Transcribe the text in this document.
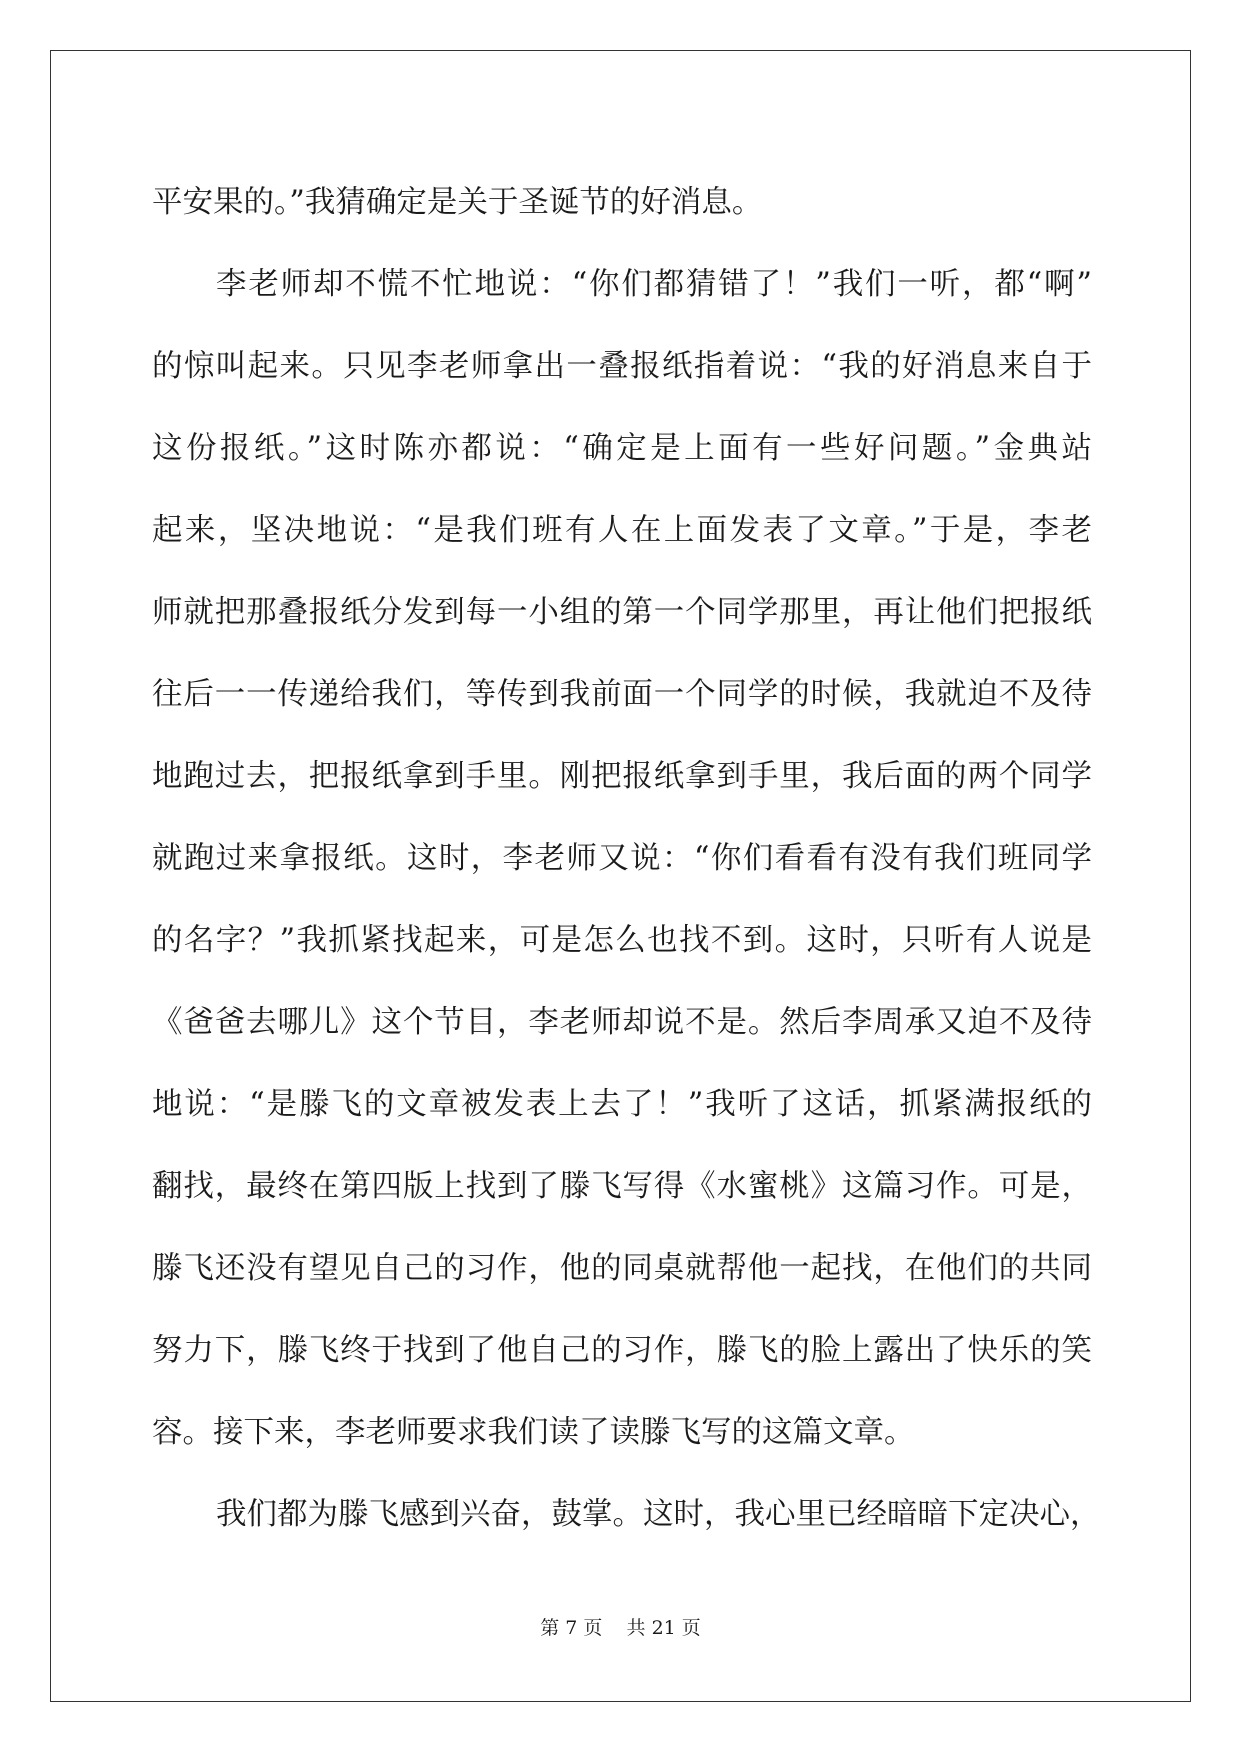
平安果的。”我猜确定是关于圣诞节的好消息。
李老师却不慌不忙地说：“你们都猜错了！”我们一听，都“啊”
的惊叫起来。只见李老师拿出一叠报纸指着说：“我的好消息来自于
这份报纸。”这时陈亦都说：“确定是上面有一些好问题。”金典站
起来，坚决地说：“是我们班有人在上面发表了文章。”于是，李老
师就把那叠报纸分发到每一小组的第一个同学那里，再让他们把报纸
往后一一传递给我们，等传到我前面一个同学的时候，我就迫不及待
地跑过去，把报纸拿到手里。刚把报纸拿到手里，我后面的两个同学
就跑过来拿报纸。这时，李老师又说：“你们看看有没有我们班同学
的名字？”我抓紧找起来，可是怎么也找不到。这时，只听有人说是
《爸爸去哪儿》这个节目，李老师却说不是。然后李周承又迫不及待
地说：“是滕飞的文章被发表上去了！”我听了这话，抓紧满报纸的
翻找，最终在第四版上找到了滕飞写得《水蜜桃》这篇习作。可是，
滕飞还没有望见自己的习作，他的同桌就帮他一起找，在他们的共同
努力下，滕飞终于找到了他自己的习作，滕飞的脸上露出了快乐的笑
容。接下来，李老师要求我们读了读滕飞写的这篇文章。
我们都为滕飞感到兴奋，鼓掌。这时，我心里已经暗暗下定决心，
第 7 页 共 21 页
